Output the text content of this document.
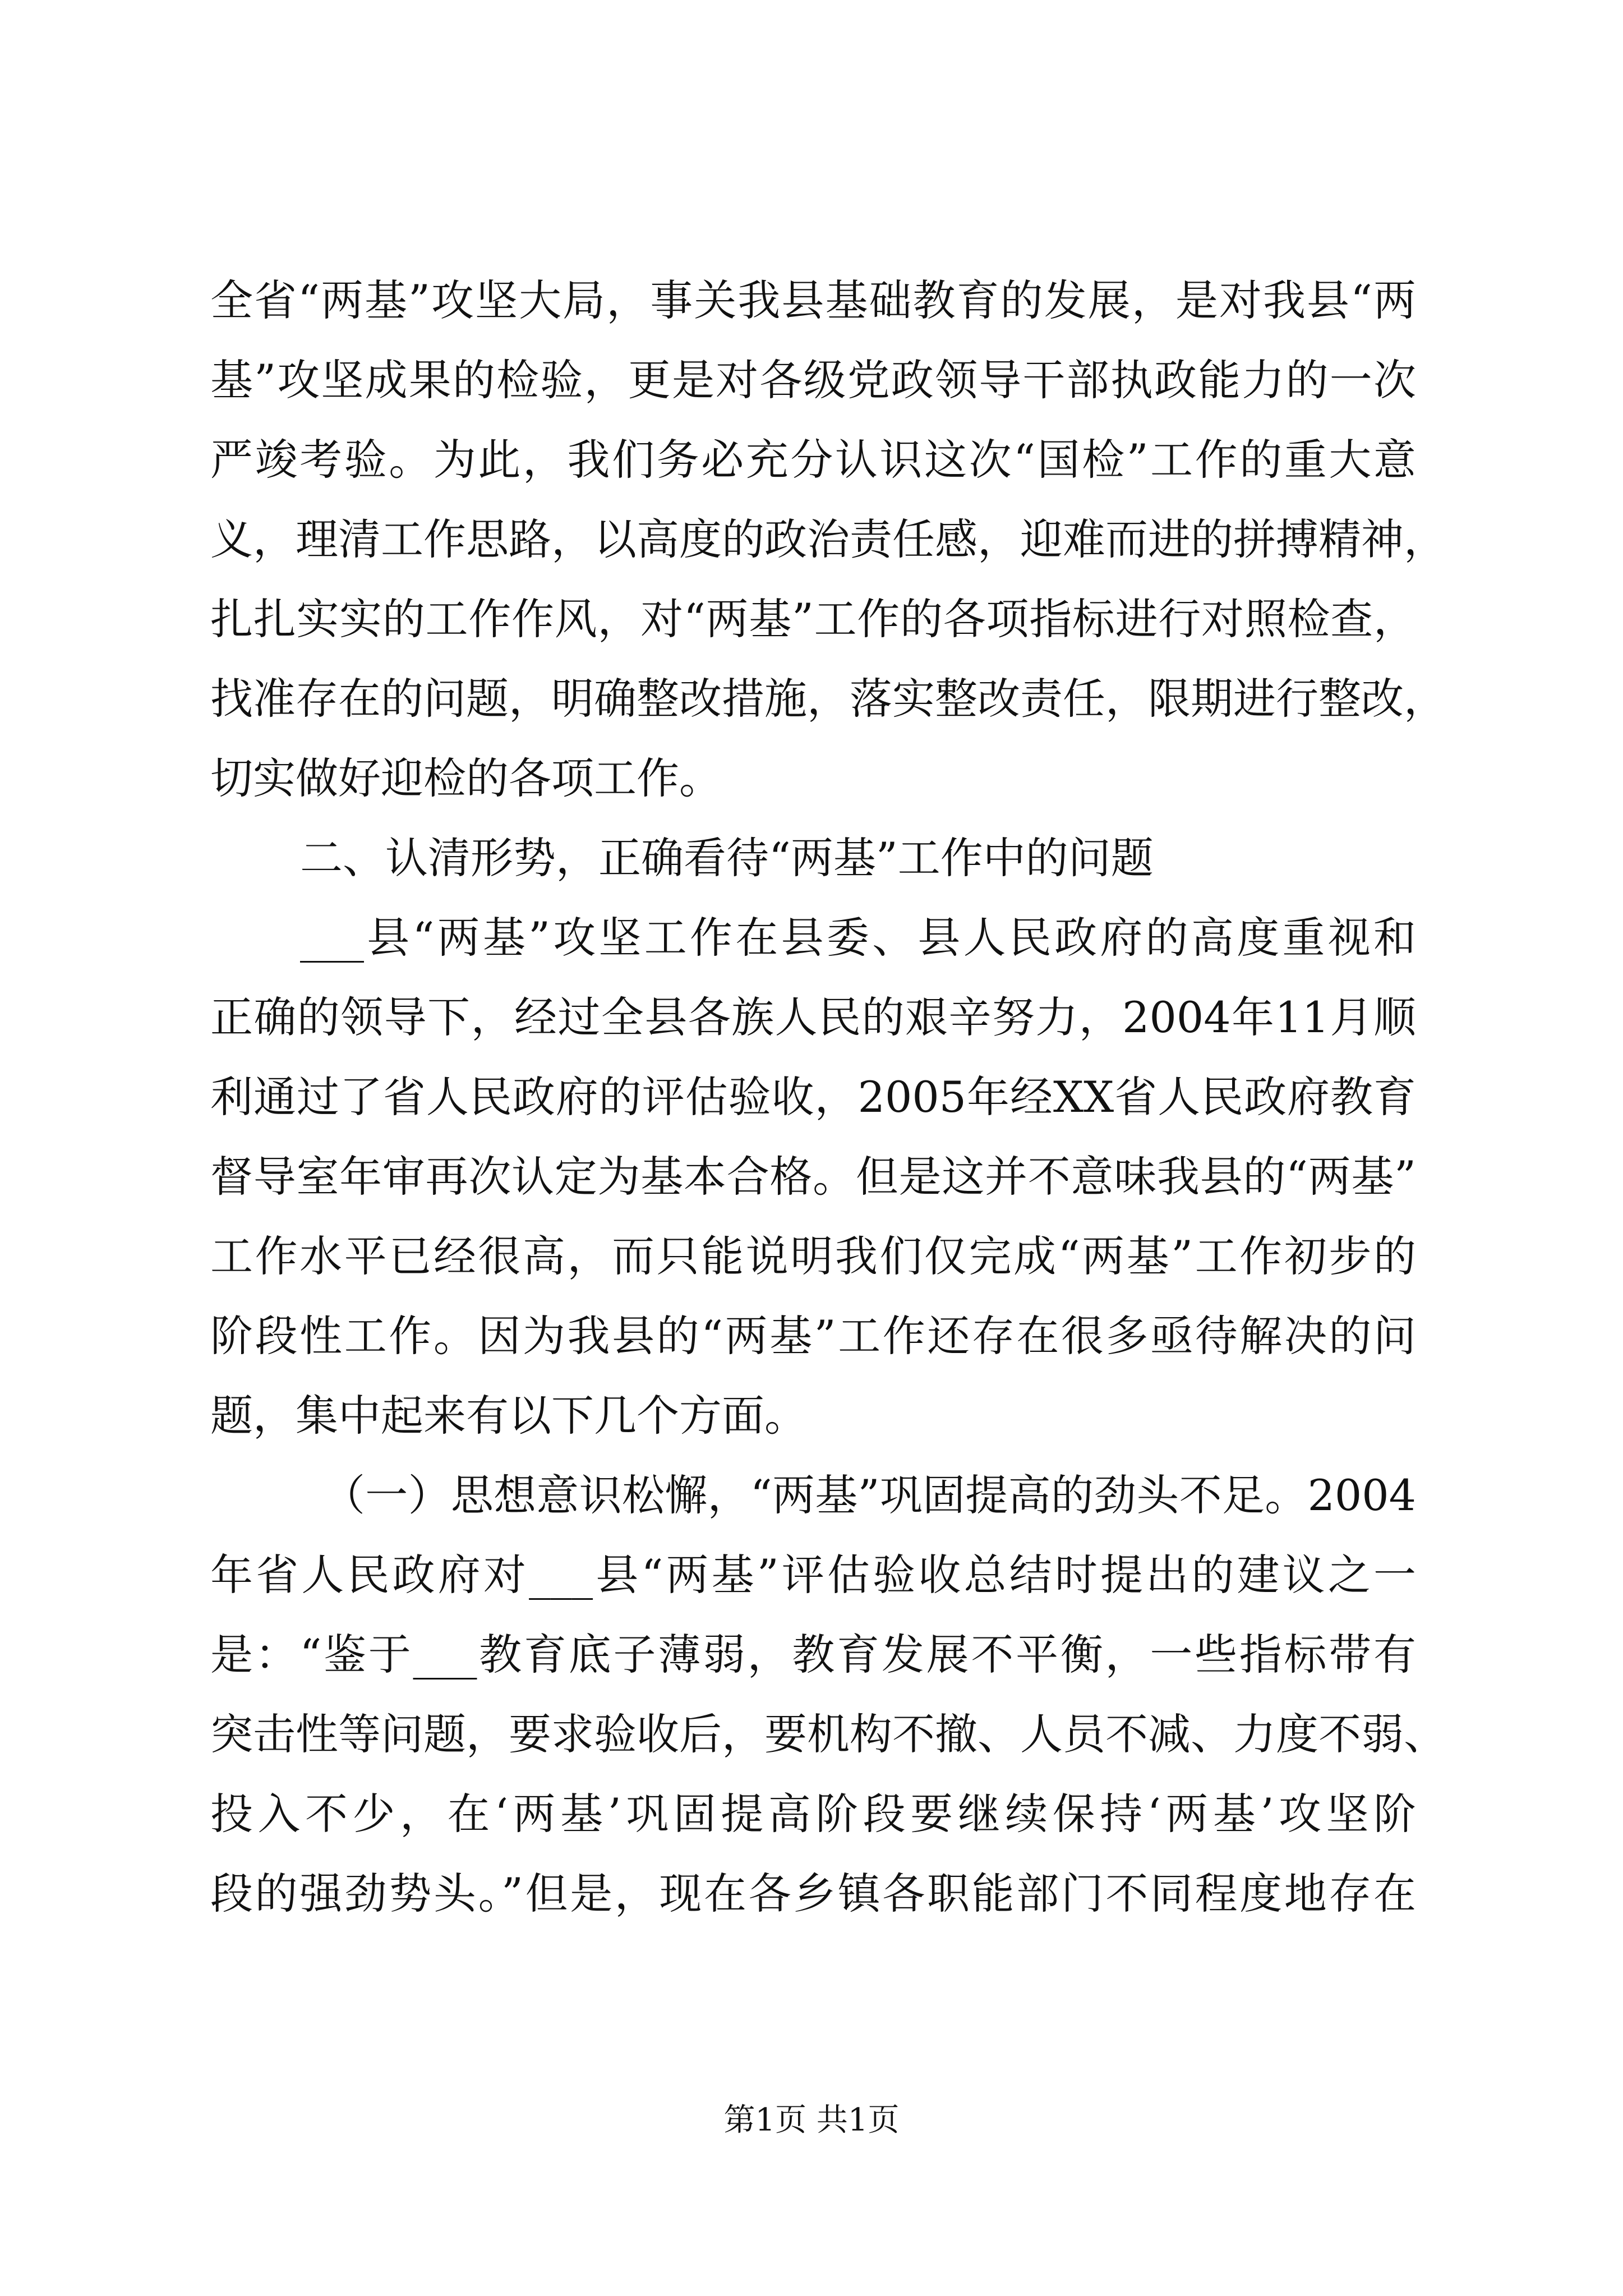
全省“两基”攻坚大局，事关我县基础教育的发展，是对我县“两
基”攻坚成果的检验，更是对各级党政领导干部执政能力的一次
严竣考验。为此，我们务必充分认识这次“国检”工作的重大意
义，理清工作思路，以高度的政治责任感，迎难而进的拼搏精神，
扎扎实实的工作作风，对“两基”工作的各项指标进行对照检查，
找准存在的问题，明确整改措施，落实整改责任，限期进行整改，
切实做好迎检的各项工作。
二、认清形势，正确看待“两基”工作中的问题
___县“两基”攻坚工作在县委、县人民政府的高度重视和
正确的领导下，经过全县各族人民的艰辛努力，2004年11月顺
利通过了省人民政府的评估验收，2005年经XX省人民政府教育
督导室年审再次认定为基本合格。但是这并不意味我县的“两基”
工作水平已经很高，而只能说明我们仅完成“两基”工作初步的
阶段性工作。因为我县的“两基”工作还存在很多亟待解决的问
题，集中起来有以下几个方面。
（一）思想意识松懈，“两基”巩固提高的劲头不足。2004
年省人民政府对___县“两基”评估验收总结时提出的建议之一
是：“鉴于___教育底子薄弱，教育发展不平衡，一些指标带有
突击性等问题，要求验收后，要机构不撤、人员不减、力度不弱、
投入不少，在‘两基’巩固提高阶段要继续保持‘两基’攻坚阶
段的强劲势头。”但是，现在各乡镇各职能部门不同程度地存在
第1页 共1页
